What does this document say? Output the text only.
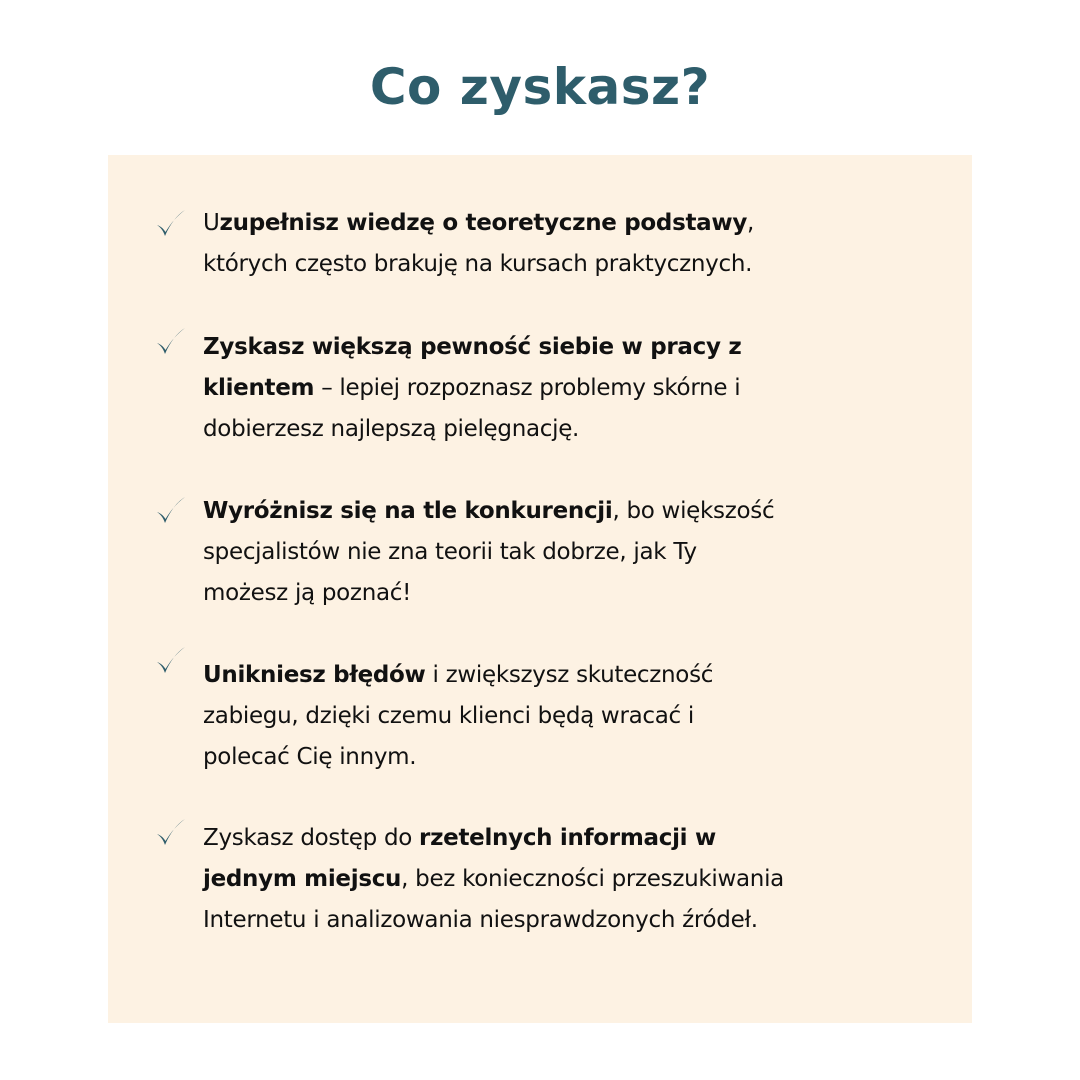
Co zyskasz?
Uzupełnisz wiedzę o teoretyczne podstawy,
których często brakuję na kursach praktycznych.
Zyskasz większą pewność siebie w pracy z
klientem – lepiej rozpoznasz problemy skórne i
dobierzesz najlepszą pielęgnację.
Wyróżnisz się na tle konkurencji, bo większość
specjalistów nie zna teorii tak dobrze, jak Ty
możesz ją poznać!
Unikniesz błędów i zwiększysz skuteczność
zabiegu, dzięki czemu klienci będą wracać i
polecać Cię innym.
Zyskasz dostęp do rzetelnych informacji w
jednym miejscu, bez konieczności przeszukiwania
Internetu i analizowania niesprawdzonych źródeł.
